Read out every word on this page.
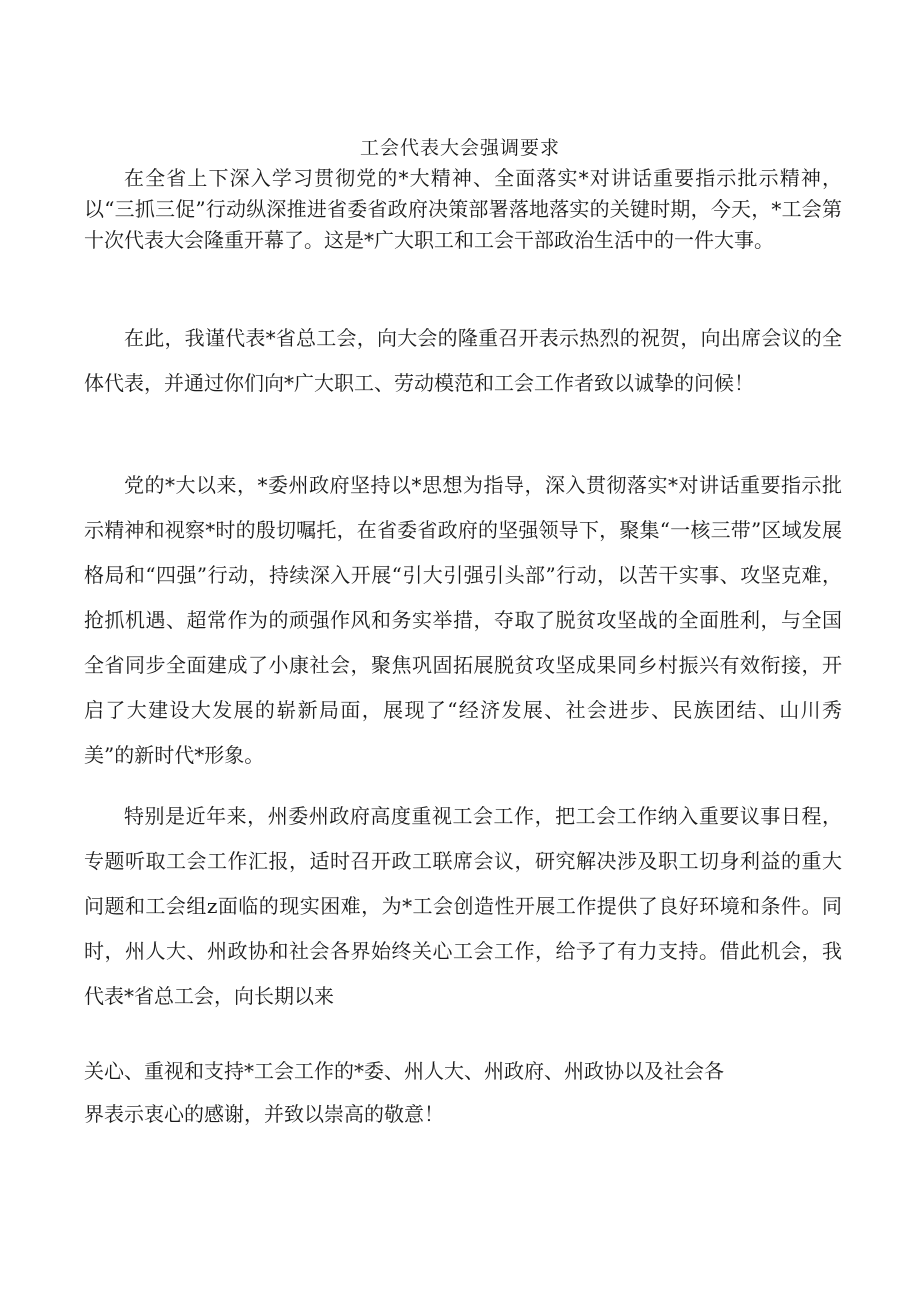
工会代表大会强调要求

在全省上下深入学习贯彻党的*大精神、全面落实*对讲话重要指示批示精神，以“三抓三促”行动纵深推进省委省政府决策部署落地落实的关键时期，今天，*工会第十次代表大会隆重开幕了。这是*广大职工和工会干部政治生活中的一件大事。

在此，我谨代表*省总工会，向大会的隆重召开表示热烈的祝贺，向出席会议的全体代表，并通过你们向*广大职工、劳动模范和工会工作者致以诚挚的问候！

党的*大以来，*委州政府坚持以*思想为指导，深入贯彻落实*对讲话重要指示批示精神和视察*时的殷切嘱托，在省委省政府的坚强领导下，聚集“一核三带”区域发展格局和“四强”行动，持续深入开展“引大引强引头部”行动，以苦干实事、攻坚克难，抢抓机遇、超常作为的顽强作风和务实举措，夺取了脱贫攻坚战的全面胜利，与全国全省同步全面建成了小康社会，聚焦巩固拓展脱贫攻坚成果同乡村振兴有效衔接，开启了大建设大发展的崭新局面，展现了“经济发展、社会进步、民族团结、山川秀美”的新时代*形象。

特别是近年来，州委州政府高度重视工会工作，把工会工作纳入重要议事日程，专题听取工会工作汇报，适时召开政工联席会议，研究解决涉及职工切身利益的重大问题和工会组z面临的现实困难，为*工会创造性开展工作提供了良好环境和条件。同时，州人大、州政协和社会各界始终关心工会工作，给予了有力支持。借此机会，我代表*省总工会，向长期以来

关心、重视和支持*工会工作的*委、州人大、州政府、州政协以及社会各

界表示衷心的感谢，并致以崇高的敬意！
